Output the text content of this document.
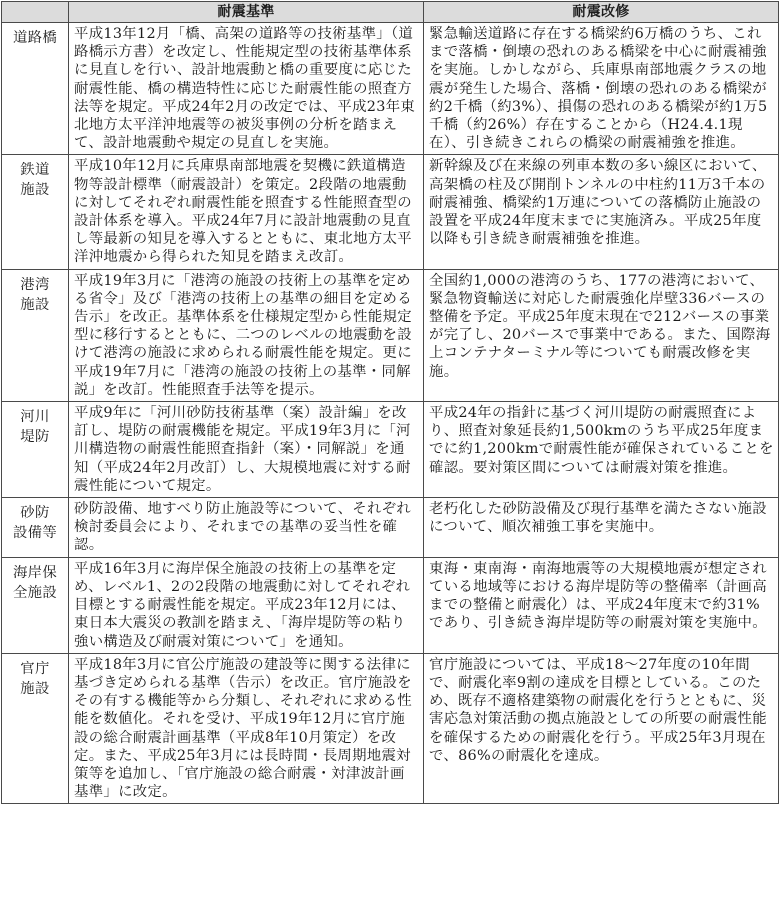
	耐震基準	耐震改修

道路橋	平成13年12月「橋、高架の道路等の技術基準」（道路橋示方書）を改定し、性能規定型の技術基準体系に見直しを行い、設計地震動と橋の重要度に応じた耐震性能、橋の構造特性に応じた耐震性能の照査方法等を規定。平成24年2月の改定では、平成23年東北地方太平洋沖地震等の被災事例の分析を踏まえて、設計地震動や規定の見直しを実施。	緊急輸送道路に存在する橋梁約6万橋のうち、これまで落橋・倒壊の恐れのある橋梁を中心に耐震補強を実施。しかしながら、兵庫県南部地震クラスの地震が発生した場合、落橋・倒壊の恐れのある橋梁が約2千橋（約3%）、損傷の恐れのある橋梁が約1万5千橋（約26%）存在することから（H24.4.1現在）、引き続きこれらの橋梁の耐震補強を推進。

鉄道
施設	平成10年12月に兵庫県南部地震を契機に鉄道構造物等設計標準（耐震設計）を策定。2段階の地震動に対してそれぞれ耐震性能を照査する性能照査型の設計体系を導入。平成24年7月に設計地震動の見直し等最新の知見を導入するとともに、東北地方太平洋沖地震から得られた知見を踏まえ改訂。	新幹線及び在来線の列車本数の多い線区において、高架橋の柱及び開削トンネルの中柱約11万3千本の耐震補強、橋梁約1万連についての落橋防止施設の設置を平成24年度末までに実施済み。平成25年度以降も引き続き耐震補強を推進。

港湾
施設	平成19年3月に「港湾の施設の技術上の基準を定める省令」及び「港湾の技術上の基準の細目を定める告示」を改正。基準体系を仕様規定型から性能規定型に移行するとともに、二つのレベルの地震動を設けて港湾の施設に求められる耐震性能を規定。更に平成19年7月に「港湾の施設の技術上の基準・同解説」を改訂。性能照査手法等を提示。	全国約1,000の港湾のうち、177の港湾において、緊急物資輸送に対応した耐震強化岸壁336バースの整備を予定。平成25年度末現在で212バースの事業が完了し、20バースで事業中である。また、国際海上コンテナターミナル等についても耐震改修を実施。

河川
堤防	平成9年に「河川砂防技術基準（案）設計編」を改訂し、堤防の耐震機能を規定。平成19年3月に「河川構造物の耐震性能照査指針（案）・同解説」を通知（平成24年2月改訂）し、大規模地震に対する耐震性能について規定。	平成24年の指針に基づく河川堤防の耐震照査により、照査対象延長約1,500kmのうち平成25年度までに約1,200kmで耐震性能が確保されていることを確認。要対策区間については耐震対策を推進。

砂防
設備等	砂防設備、地すべり防止施設等について、それぞれ検討委員会により、それまでの基準の妥当性を確認。	老朽化した砂防設備及び現行基準を満たさない施設について、順次補強工事を実施中。

海岸保
全施設	平成16年3月に海岸保全施設の技術上の基準を定め、レベル1、2の2段階の地震動に対してそれぞれ目標とする耐震性能を規定。平成23年12月には、東日本大震災の教訓を踏まえ、「海岸堤防等の粘り強い構造及び耐震対策について」を通知。	東海・東南海・南海地震等の大規模地震が想定されている地域等における海岸堤防等の整備率（計画高までの整備と耐震化）は、平成24年度末で約31%であり、引き続き海岸堤防等の耐震対策を実施中。

官庁
施設	平成18年3月に官公庁施設の建設等に関する法律に基づき定められる基準（告示）を改正。官庁施設をその有する機能等から分類し、それぞれに求める性能を数値化。それを受け、平成19年12月に官庁施設の総合耐震計画基準（平成8年10月策定）を改定。また、平成25年3月には長時間・長周期地震対策等を追加し、「官庁施設の総合耐震・対津波計画基準」に改定。	官庁施設については、平成18～27年度の10年間で、耐震化率9割の達成を目標としている。このため、既存不適格建築物の耐震化を行うとともに、災害応急対策活動の拠点施設としての所要の耐震性能を確保するための耐震化を行う。平成25年3月現在で、86%の耐震化を達成。
